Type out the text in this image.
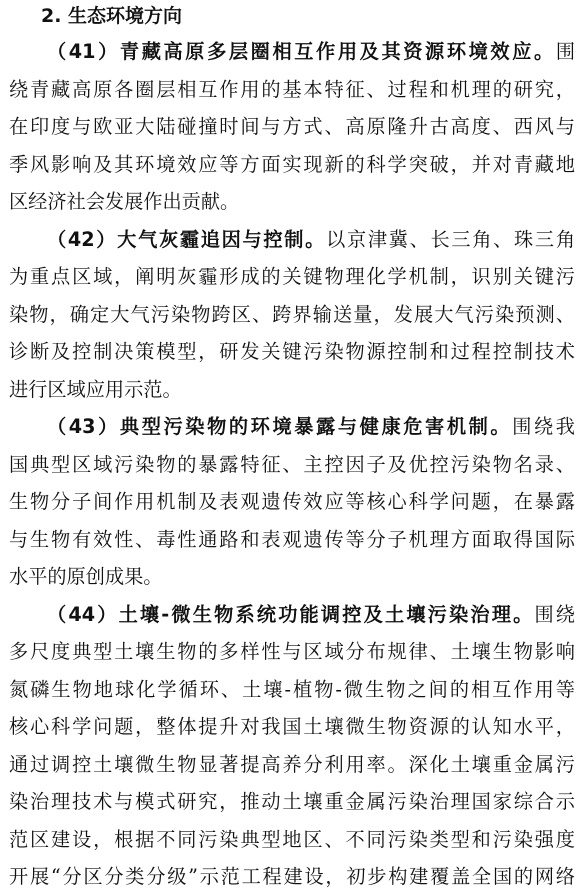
2. 生态环境方向
（41）青藏高原多层圈相互作用及其资源环境效应。围
绕青藏高原各圈层相互作用的基本特征、过程和机理的研究，
在印度与欧亚大陆碰撞时间与方式、高原隆升古高度、西风与
季风影响及其环境效应等方面实现新的科学突破，并对青藏地
区经济社会发展作出贡献。
（42）大气灰霾追因与控制。以京津冀、长三角、珠三角
为重点区域，阐明灰霾形成的关键物理化学机制，识别关键污
染物，确定大气污染物跨区、跨界输送量，发展大气污染预测、
诊断及控制决策模型，研发关键污染物源控制和过程控制技术
进行区域应用示范。
（43）典型污染物的环境暴露与健康危害机制。围绕我
国典型区域污染物的暴露特征、主控因子及优控污染物名录、
生物分子间作用机制及表观遗传效应等核心科学问题，在暴露
与生物有效性、毒性通路和表观遗传等分子机理方面取得国际
水平的原创成果。
（44）土壤-微生物系统功能调控及土壤污染治理。围绕
多尺度典型土壤生物的多样性与区域分布规律、土壤生物影响
氮磷生物地球化学循环、土壤-植物-微生物之间的相互作用等
核心科学问题，整体提升对我国土壤微生物资源的认知水平，
通过调控土壤微生物显著提高养分利用率。深化土壤重金属污
染治理技术与模式研究，推动土壤重金属污染治理国家综合示
范区建设，根据不同污染典型地区、不同污染类型和污染强度
开展“分区分类分级”示范工程建设，初步构建覆盖全国的网络
